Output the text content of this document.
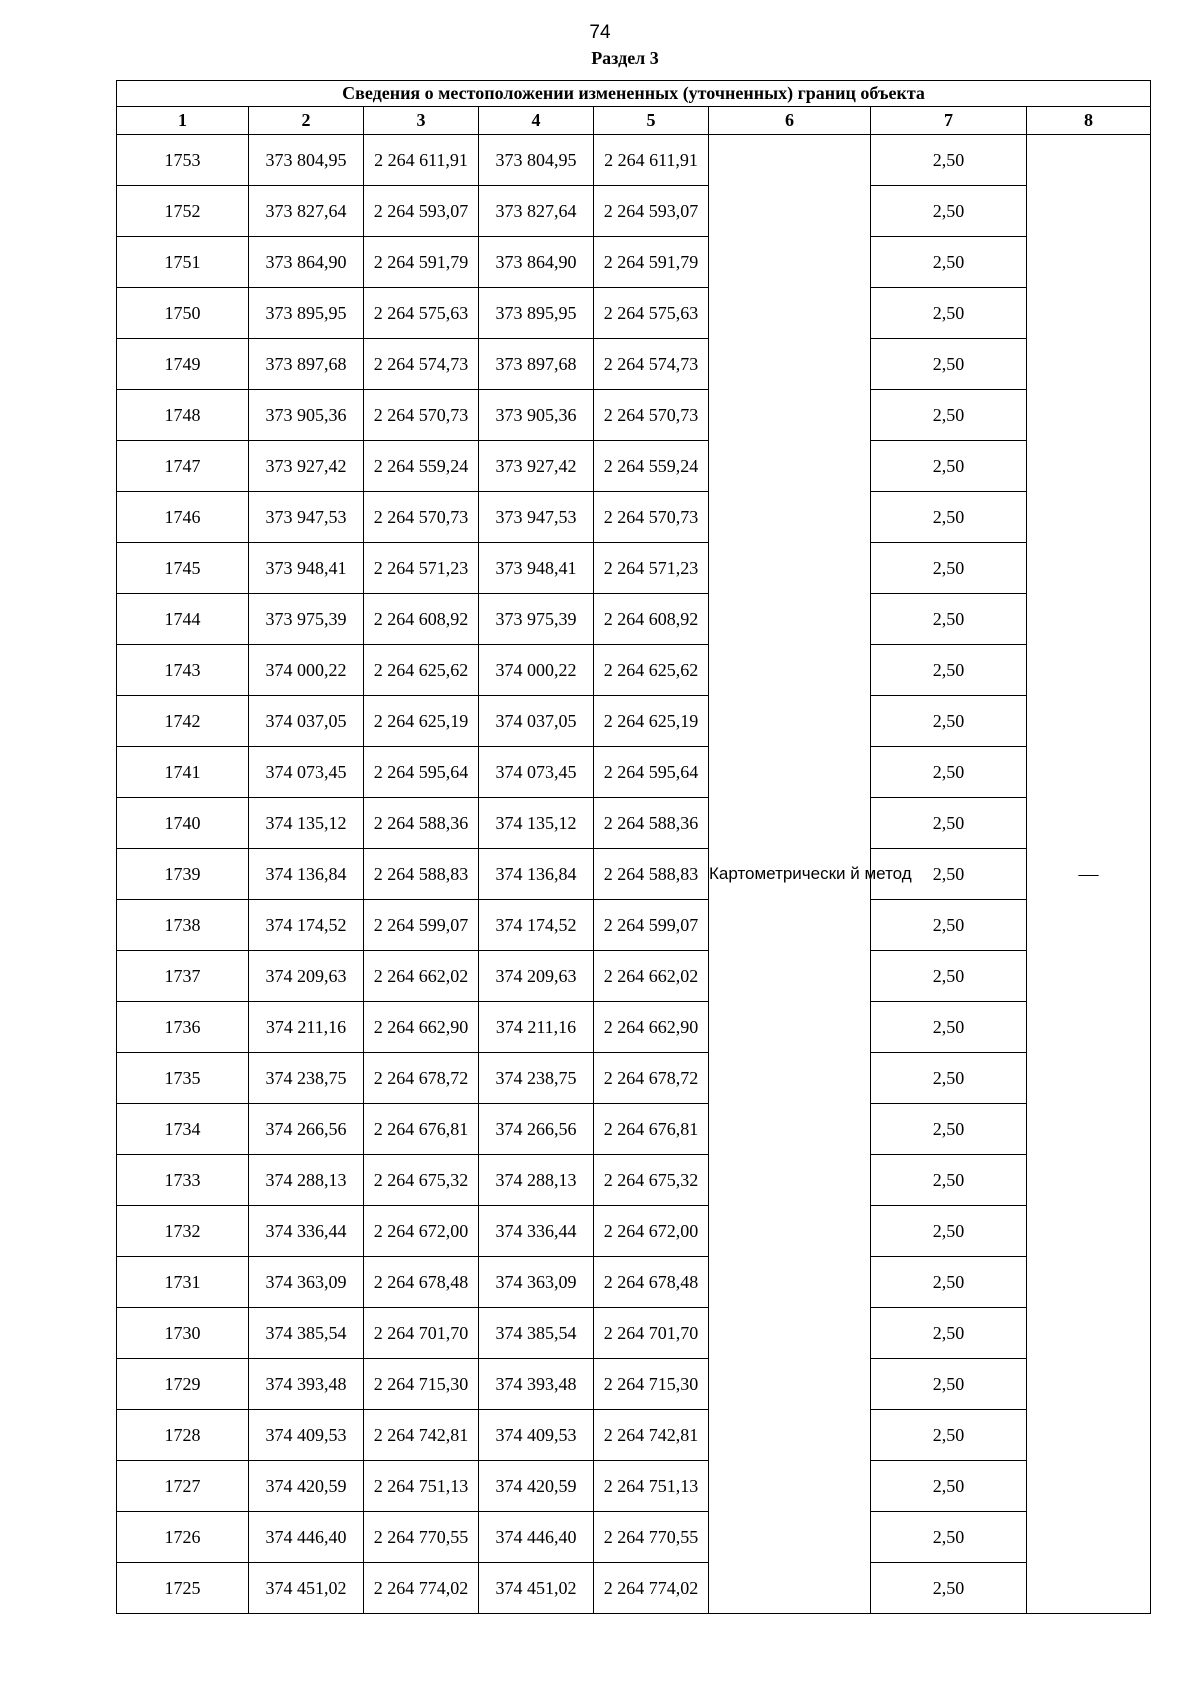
74
Раздел 3
Сведения о местоположении измененных (уточненных) границ объекта							
1	2	3	4	5	6	7	8
1753	373 804,95	2 264 611,91	373 804,95	2 264 611,91	Картометрически й метод	2,50	—
1752	373 827,64	2 264 593,07	373 827,64	2 264 593,07		2,50	
1751	373 864,90	2 264 591,79	373 864,90	2 264 591,79		2,50	
1750	373 895,95	2 264 575,63	373 895,95	2 264 575,63		2,50	
1749	373 897,68	2 264 574,73	373 897,68	2 264 574,73		2,50	
1748	373 905,36	2 264 570,73	373 905,36	2 264 570,73		2,50	
1747	373 927,42	2 264 559,24	373 927,42	2 264 559,24		2,50	
1746	373 947,53	2 264 570,73	373 947,53	2 264 570,73		2,50	
1745	373 948,41	2 264 571,23	373 948,41	2 264 571,23		2,50	
1744	373 975,39	2 264 608,92	373 975,39	2 264 608,92		2,50	
1743	374 000,22	2 264 625,62	374 000,22	2 264 625,62		2,50	
1742	374 037,05	2 264 625,19	374 037,05	2 264 625,19		2,50	
1741	374 073,45	2 264 595,64	374 073,45	2 264 595,64		2,50	
1740	374 135,12	2 264 588,36	374 135,12	2 264 588,36		2,50	
1739	374 136,84	2 264 588,83	374 136,84	2 264 588,83		2,50	
1738	374 174,52	2 264 599,07	374 174,52	2 264 599,07		2,50	
1737	374 209,63	2 264 662,02	374 209,63	2 264 662,02		2,50	
1736	374 211,16	2 264 662,90	374 211,16	2 264 662,90		2,50	
1735	374 238,75	2 264 678,72	374 238,75	2 264 678,72		2,50	
1734	374 266,56	2 264 676,81	374 266,56	2 264 676,81		2,50	
1733	374 288,13	2 264 675,32	374 288,13	2 264 675,32		2,50	
1732	374 336,44	2 264 672,00	374 336,44	2 264 672,00		2,50	
1731	374 363,09	2 264 678,48	374 363,09	2 264 678,48		2,50	
1730	374 385,54	2 264 701,70	374 385,54	2 264 701,70		2,50	
1729	374 393,48	2 264 715,30	374 393,48	2 264 715,30		2,50	
1728	374 409,53	2 264 742,81	374 409,53	2 264 742,81		2,50	
1727	374 420,59	2 264 751,13	374 420,59	2 264 751,13		2,50	
1726	374 446,40	2 264 770,55	374 446,40	2 264 770,55		2,50	
1725	374 451,02	2 264 774,02	374 451,02	2 264 774,02		2,50	
